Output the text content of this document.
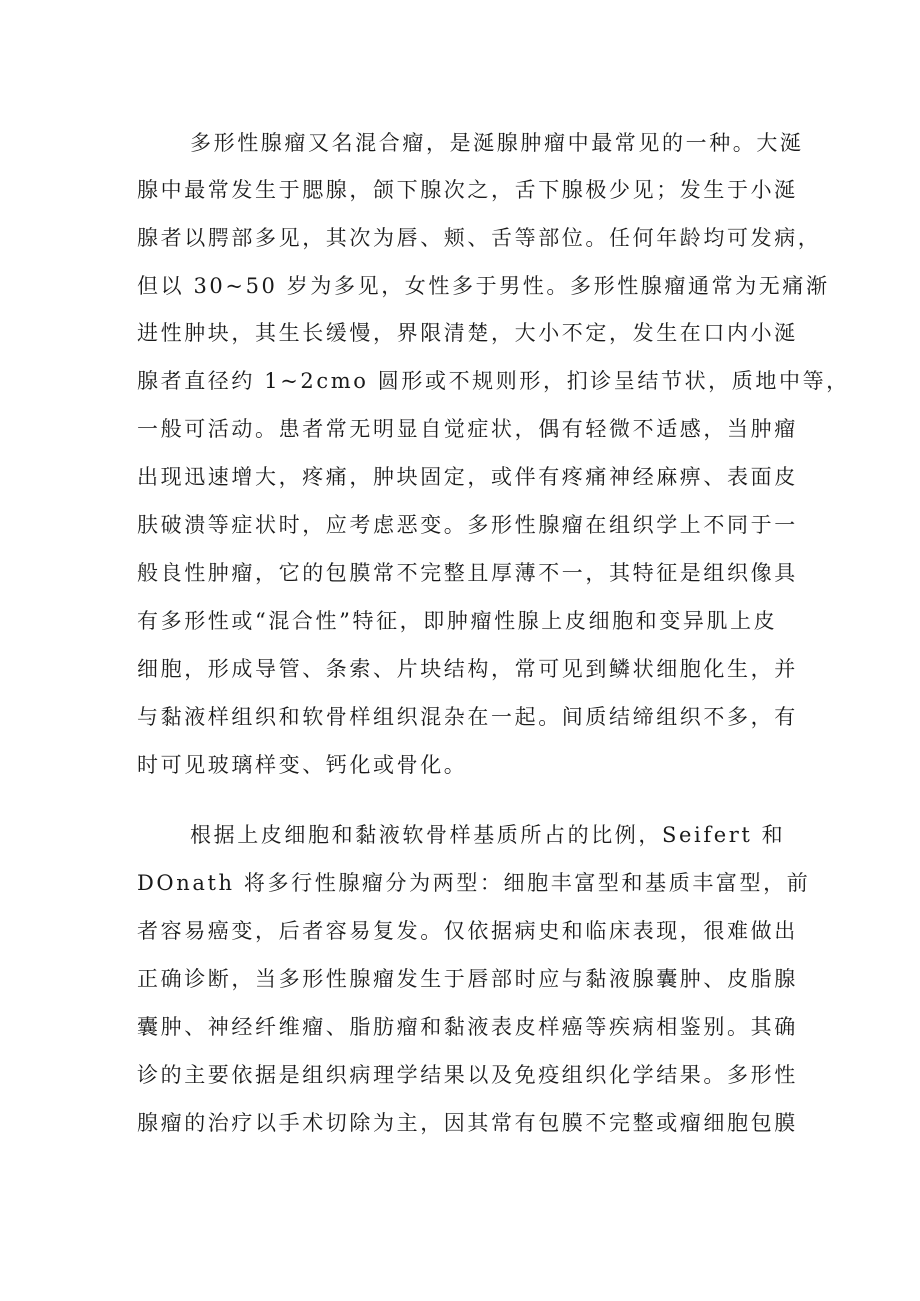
多形性腺瘤又名混合瘤，是涎腺肿瘤中最常见的一种。大涎
腺中最常发生于腮腺，颌下腺次之，舌下腺极少见；发生于小涎
腺者以腭部多见，其次为唇、颊、舌等部位。任何年龄均可发病，
但以 30~50 岁为多见，女性多于男性。多形性腺瘤通常为无痛渐
进性肿块，其生长缓慢，界限清楚，大小不定，发生在口内小涎
腺者直径约 1~2cmo 圆形或不规则形，扪诊呈结节状，质地中等，
一般可活动。患者常无明显自觉症状，偶有轻微不适感，当肿瘤
出现迅速增大，疼痛，肿块固定，或伴有疼痛神经麻痹、表面皮
肤破溃等症状时，应考虑恶变。多形性腺瘤在组织学上不同于一
般良性肿瘤，它的包膜常不完整且厚薄不一，其特征是组织像具
有多形性或“混合性”特征，即肿瘤性腺上皮细胞和变异肌上皮
细胞，形成导管、条索、片块结构，常可见到鳞状细胞化生，并
与黏液样组织和软骨样组织混杂在一起。间质结缔组织不多，有
时可见玻璃样变、钙化或骨化。
根据上皮细胞和黏液软骨样基质所占的比例，Seifert 和
DOnath 将多行性腺瘤分为两型：细胞丰富型和基质丰富型，前
者容易癌变，后者容易复发。仅依据病史和临床表现，很难做出
正确诊断，当多形性腺瘤发生于唇部时应与黏液腺囊肿、皮脂腺
囊肿、神经纤维瘤、脂肪瘤和黏液表皮样癌等疾病相鉴别。其确
诊的主要依据是组织病理学结果以及免疫组织化学结果。多形性
腺瘤的治疗以手术切除为主，因其常有包膜不完整或瘤细胞包膜
